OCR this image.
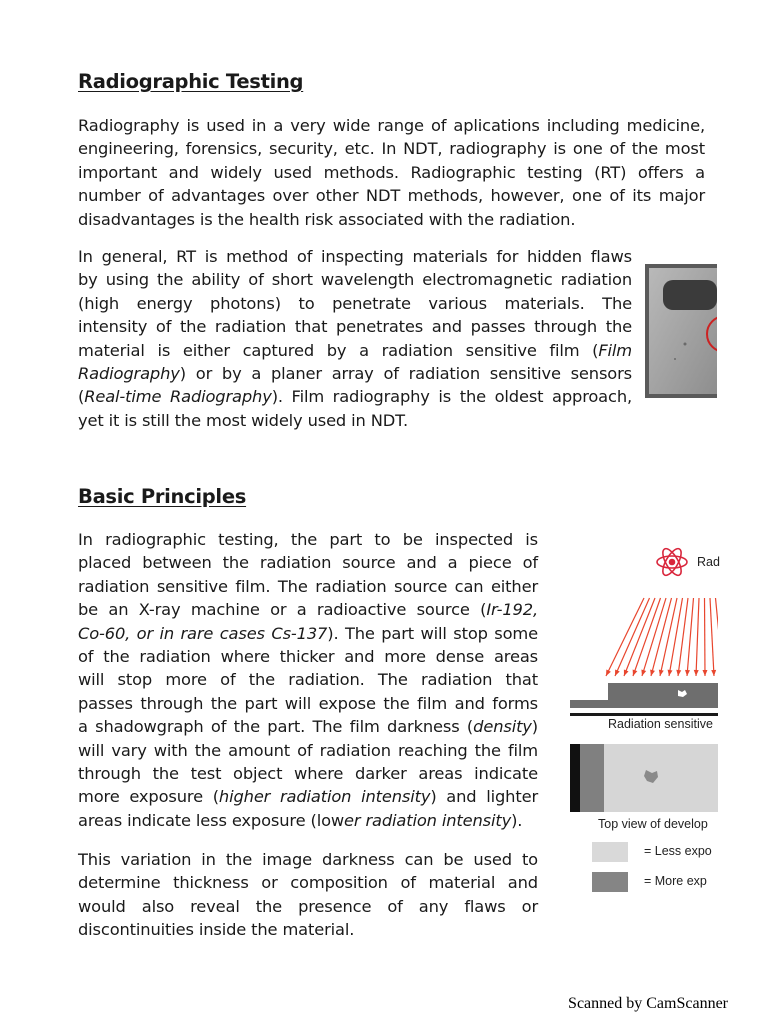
Radiographic Testing

Radiography is used in a very wide range of aplications including medicine,
engineering, forensics, security, etc. In NDT, radiography is one of the most
important and widely used methods. Radiographic testing (RT) offers a
number of advantages over other NDT methods, however, one of its major
disadvantages is the health risk associated with the radiation.

In general, RT is method of inspecting materials for hidden flaws
by using the ability of short wavelength electromagnetic radiation
(high energy photons) to penetrate various materials. The
intensity of the radiation that penetrates and passes through the
material is either captured by a radiation sensitive film (Film
Radiography) or by a planer array of radiation sensitive sensors
(Real-time Radiography). Film radiography is the oldest approach,
yet it is still the most widely used in NDT.

Basic Principles

In radiographic testing, the part to be inspected is
placed between the radiation source and a piece of
radiation sensitive film. The radiation source can either
be an X-ray machine or a radioactive source (Ir-192,
Co-60, or in rare cases Cs-137). The part will stop some
of the radiation where thicker and more dense areas
will stop more of the radiation. The radiation that
passes through the part will expose the film and forms
a shadowgraph of the part. The film darkness (density)
will vary with the amount of radiation reaching the film
through the test object where darker areas indicate
more exposure (higher radiation intensity) and lighter
areas indicate less exposure (lower radiation intensity).

This variation in the image darkness can be used to
determine thickness or composition of material and
would also reveal the presence of any flaws or
discontinuities inside the material.

Rad
Radiation sensitive
Top view of develop
= Less expo
= More exp
Scanned by CamScanner
